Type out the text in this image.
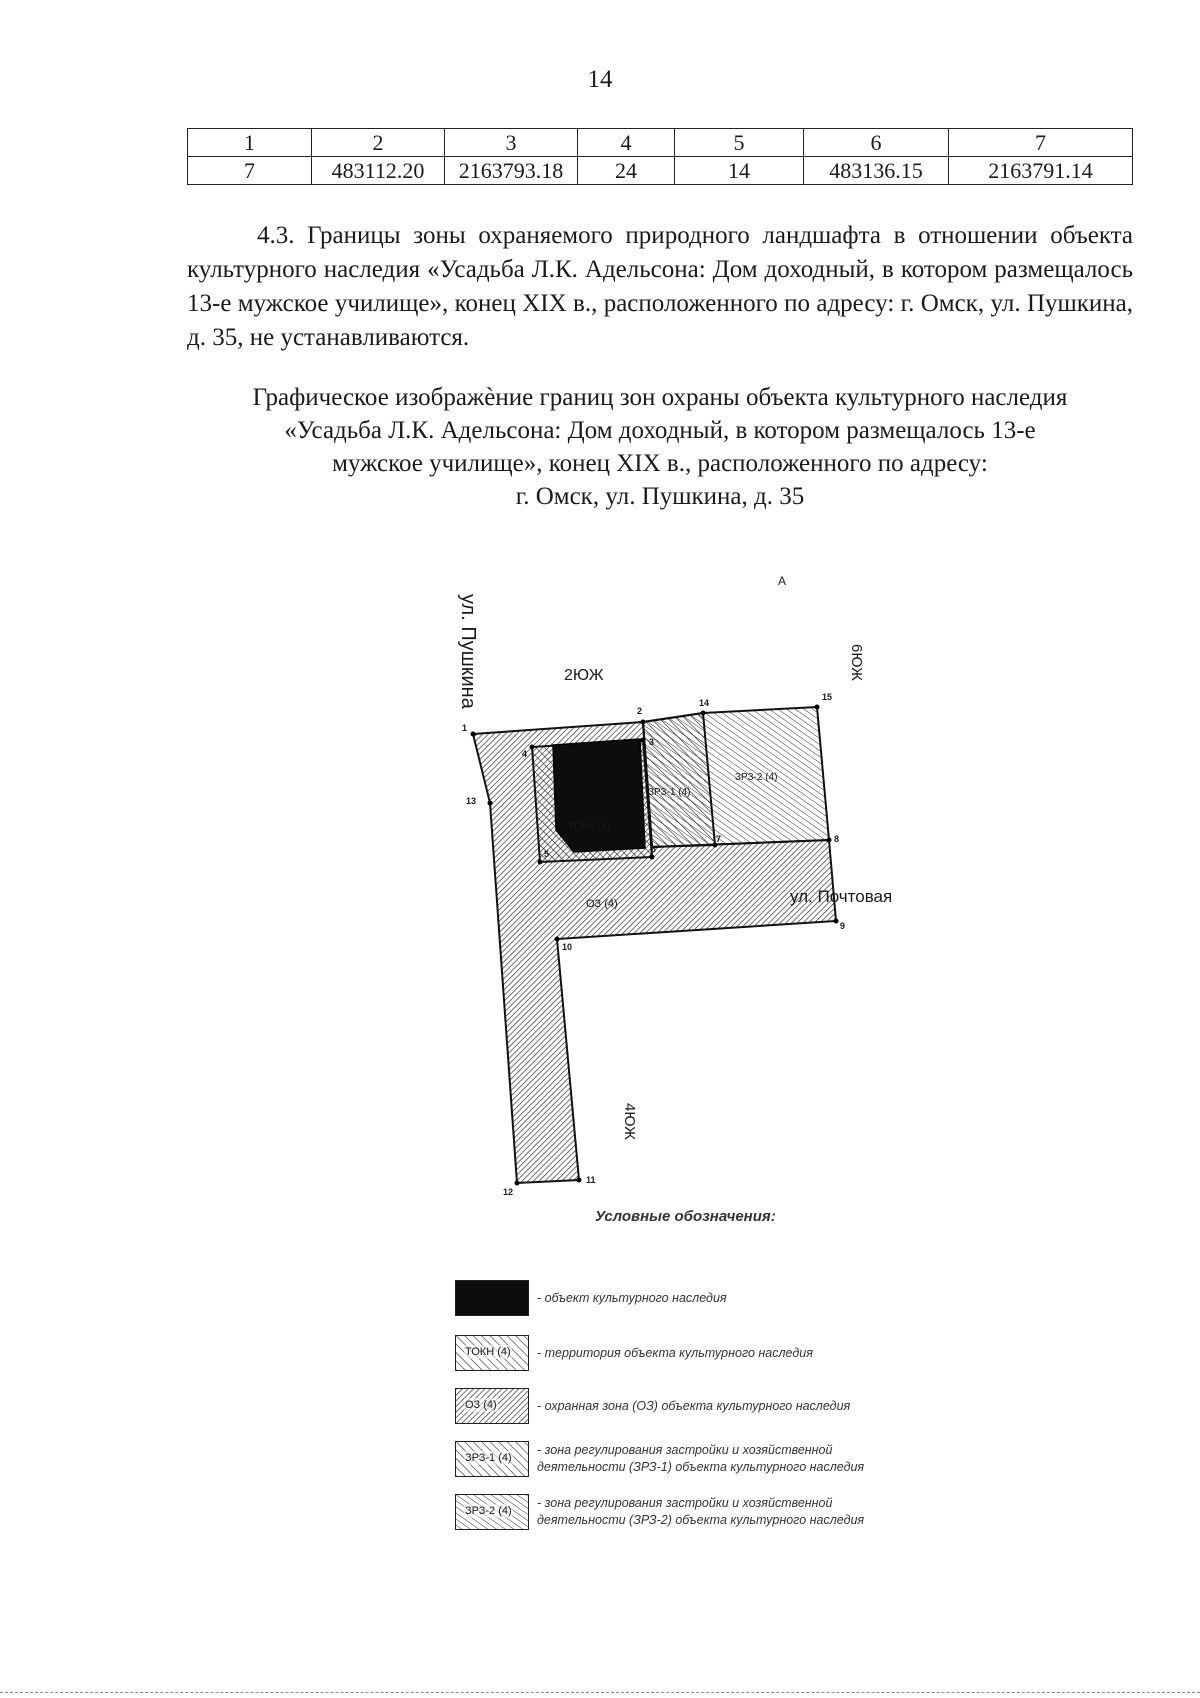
14
1	2	3	4	5	6	7
7	483112.20	2163793.18	24	14	483136.15	2163791.14

4.3. Границы зоны охраняемого природного ландшафта в отношении объекта культурного наследия «Усадьба Л.К. Адельсона: Дом доходный, в котором размещалось 13-е мужское училище», конец XIX в., расположенного по адресу: г. Омск, ул. Пушкина, д. 35, не устанавливаются.

Графическое изображѐние границ зон охраны объекта культурного наследия
«Усадьба Л.К. Адельсона: Дом доходный, в котором размещалось 13-е
мужское училище», конец XIX в., расположенного по адресу:
г. Омск, ул. Пушкина, д. 35
ТОКН (4)
ЗРЗ-1 (4)
ЗРЗ-2 (4)
ОЗ (4)
ул. Пушкина
ул. Почтовая
2ЮЖ	6ЮЖ
4ЮЖ
А
1
2
3
4
5	6
7	8
9
10
11
12
13
14
15
Условные обозначения:
- объект культурного наследия
ТОКН (4) - территория объекта культурного наследия
ОЗ (4)	- охранная зона (ОЗ) объекта культурного наследия
ЗРЗ-1 (4)
- зона регулирования застройки и хозяйственной
деятельности (ЗРЗ-1) объекта культурного наследия
ЗРЗ-2 (4)
- зона регулирования застройки и хозяйственной
деятельности (ЗРЗ-2) объекта культурного наследия
